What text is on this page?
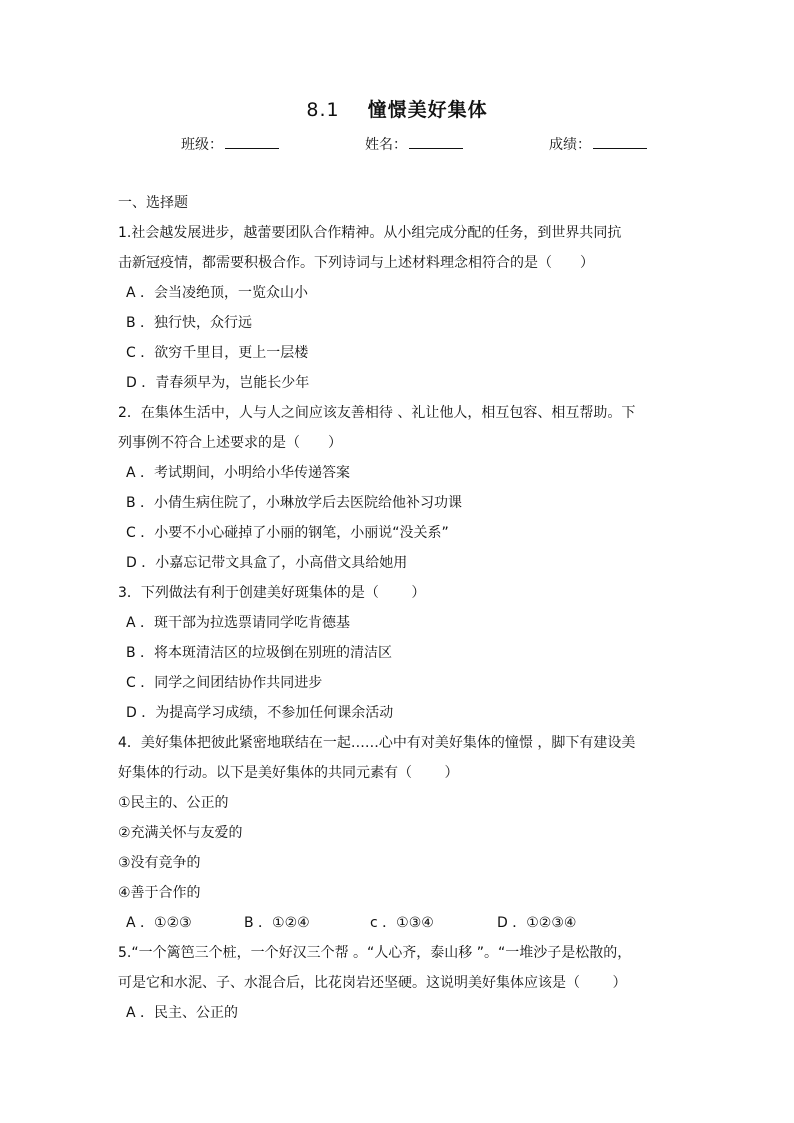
8.1 憧憬美好集体
班级：	姓名：	成绩：
一、选择题
1.社会越发展进步，越蕾要团队合作精神。从小组完成分配的任务，到世界共同抗
击新冠疫情，都需要积极合作。下列诗词与上述材料理念相符合的是（　　）
A ．会当凌绝顶，一览众山小
B ．独行快，众行远
C ．欲穷千里目，更上一层楼
D ．青春须早为，岂能长少年
2．在集体生活中，人与人之间应该友善相待 、礼让他人，相互包容、相互帮助。下
列事例不符合上述要求的是（　　）
A ．考试期间，小明给小华传递答案
B ．小倩生病住院了，小琳放学后去医院给他补习功课
C ．小要不小心碰掉了小丽的钢笔，小丽说“没关系”
D ．小嘉忘记带文具盒了，小高借文具给她用
3．下列做法有利于创建美好斑集体的是（　　 ）
A ．斑干部为拉选票请同学吃肯德基
B ．将本斑清洁区的垃圾倒在别班的清洁区
C ．同学之间团结协作共同进步
D ．为提高学习成绩，不参加任何课余活动
4．美好集体把彼此紧密地联结在一起……心中有对美好集体的憧憬 ，脚下有建设美
好集体的行动。以下是美好集体的共同元素有（　　 ）
①民主的、公正的
②充满关怀与友爱的
③没有竞争的
④善于合作的
A ．①②③	B ．①②④	c ．①③④	D ．①②③④
5.“一个篱笆三个桩，一个好汉三个帮 。“人心齐，泰山移 ”。“一堆沙子是松散的，
可是它和水泥、子、水混合后，比花岗岩还坚硬。这说明美好集体应该是（　　 ）
A ．民主、公正的
